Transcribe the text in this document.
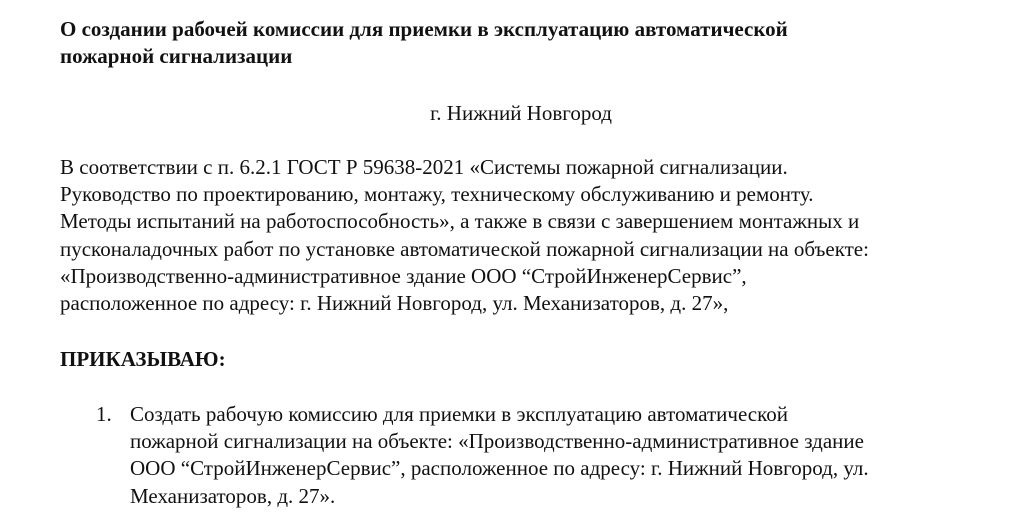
О создании рабочей комиссии для приемки в эксплуатацию автоматической
пожарной сигнализации

г. Нижний Новгород

В соответствии с п. 6.2.1 ГОСТ Р 59638-2021 «Системы пожарной сигнализации.
Руководство по проектированию, монтажу, техническому обслуживанию и ремонту.
Методы испытаний на работоспособность», а также в связи с завершением монтажных и
пусконаладочных работ по установке автоматической пожарной сигнализации на объекте:
«Производственно-административное здание ООО “СтройИнженерСервис”,
расположенное по адресу: г. Нижний Новгород, ул. Механизаторов, д. 27»,

ПРИКАЗЫВАЮ:

1. Создать рабочую комиссию для приемки в эксплуатацию автоматической
пожарной сигнализации на объекте: «Производственно-административное здание
ООО “СтройИнженерСервис”, расположенное по адресу: г. Нижний Новгород, ул.
Механизаторов, д. 27».
